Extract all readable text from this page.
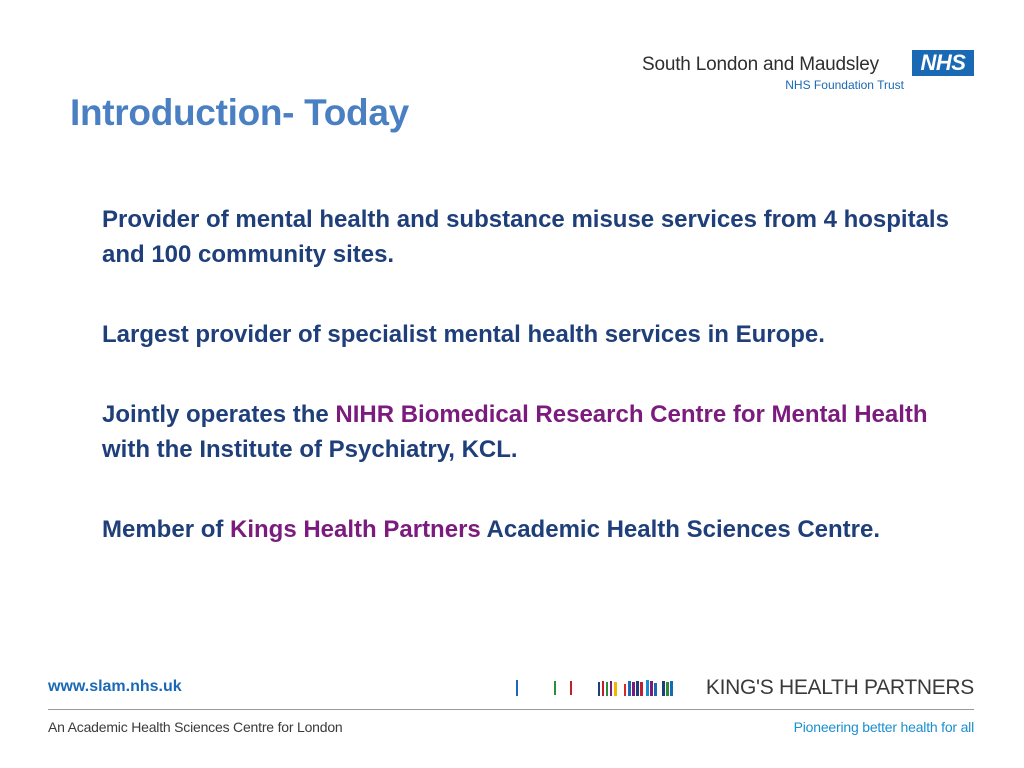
South London and Maudsley	NHS
NHS Foundation Trust
Introduction- Today

Provider of mental health and substance misuse services from 4 hospitals and 100 community sites.

Largest provider of specialist mental health services in Europe.

Jointly operates the NIHR Biomedical Research Centre for Mental Health with the Institute of Psychiatry, KCL.

Member of Kings Health Partners Academic Health Sciences Centre.

www.slam.nhs.uk	KING'S HEALTH PARTNERS
An Academic Health Sciences Centre for London	Pioneering better health for all
